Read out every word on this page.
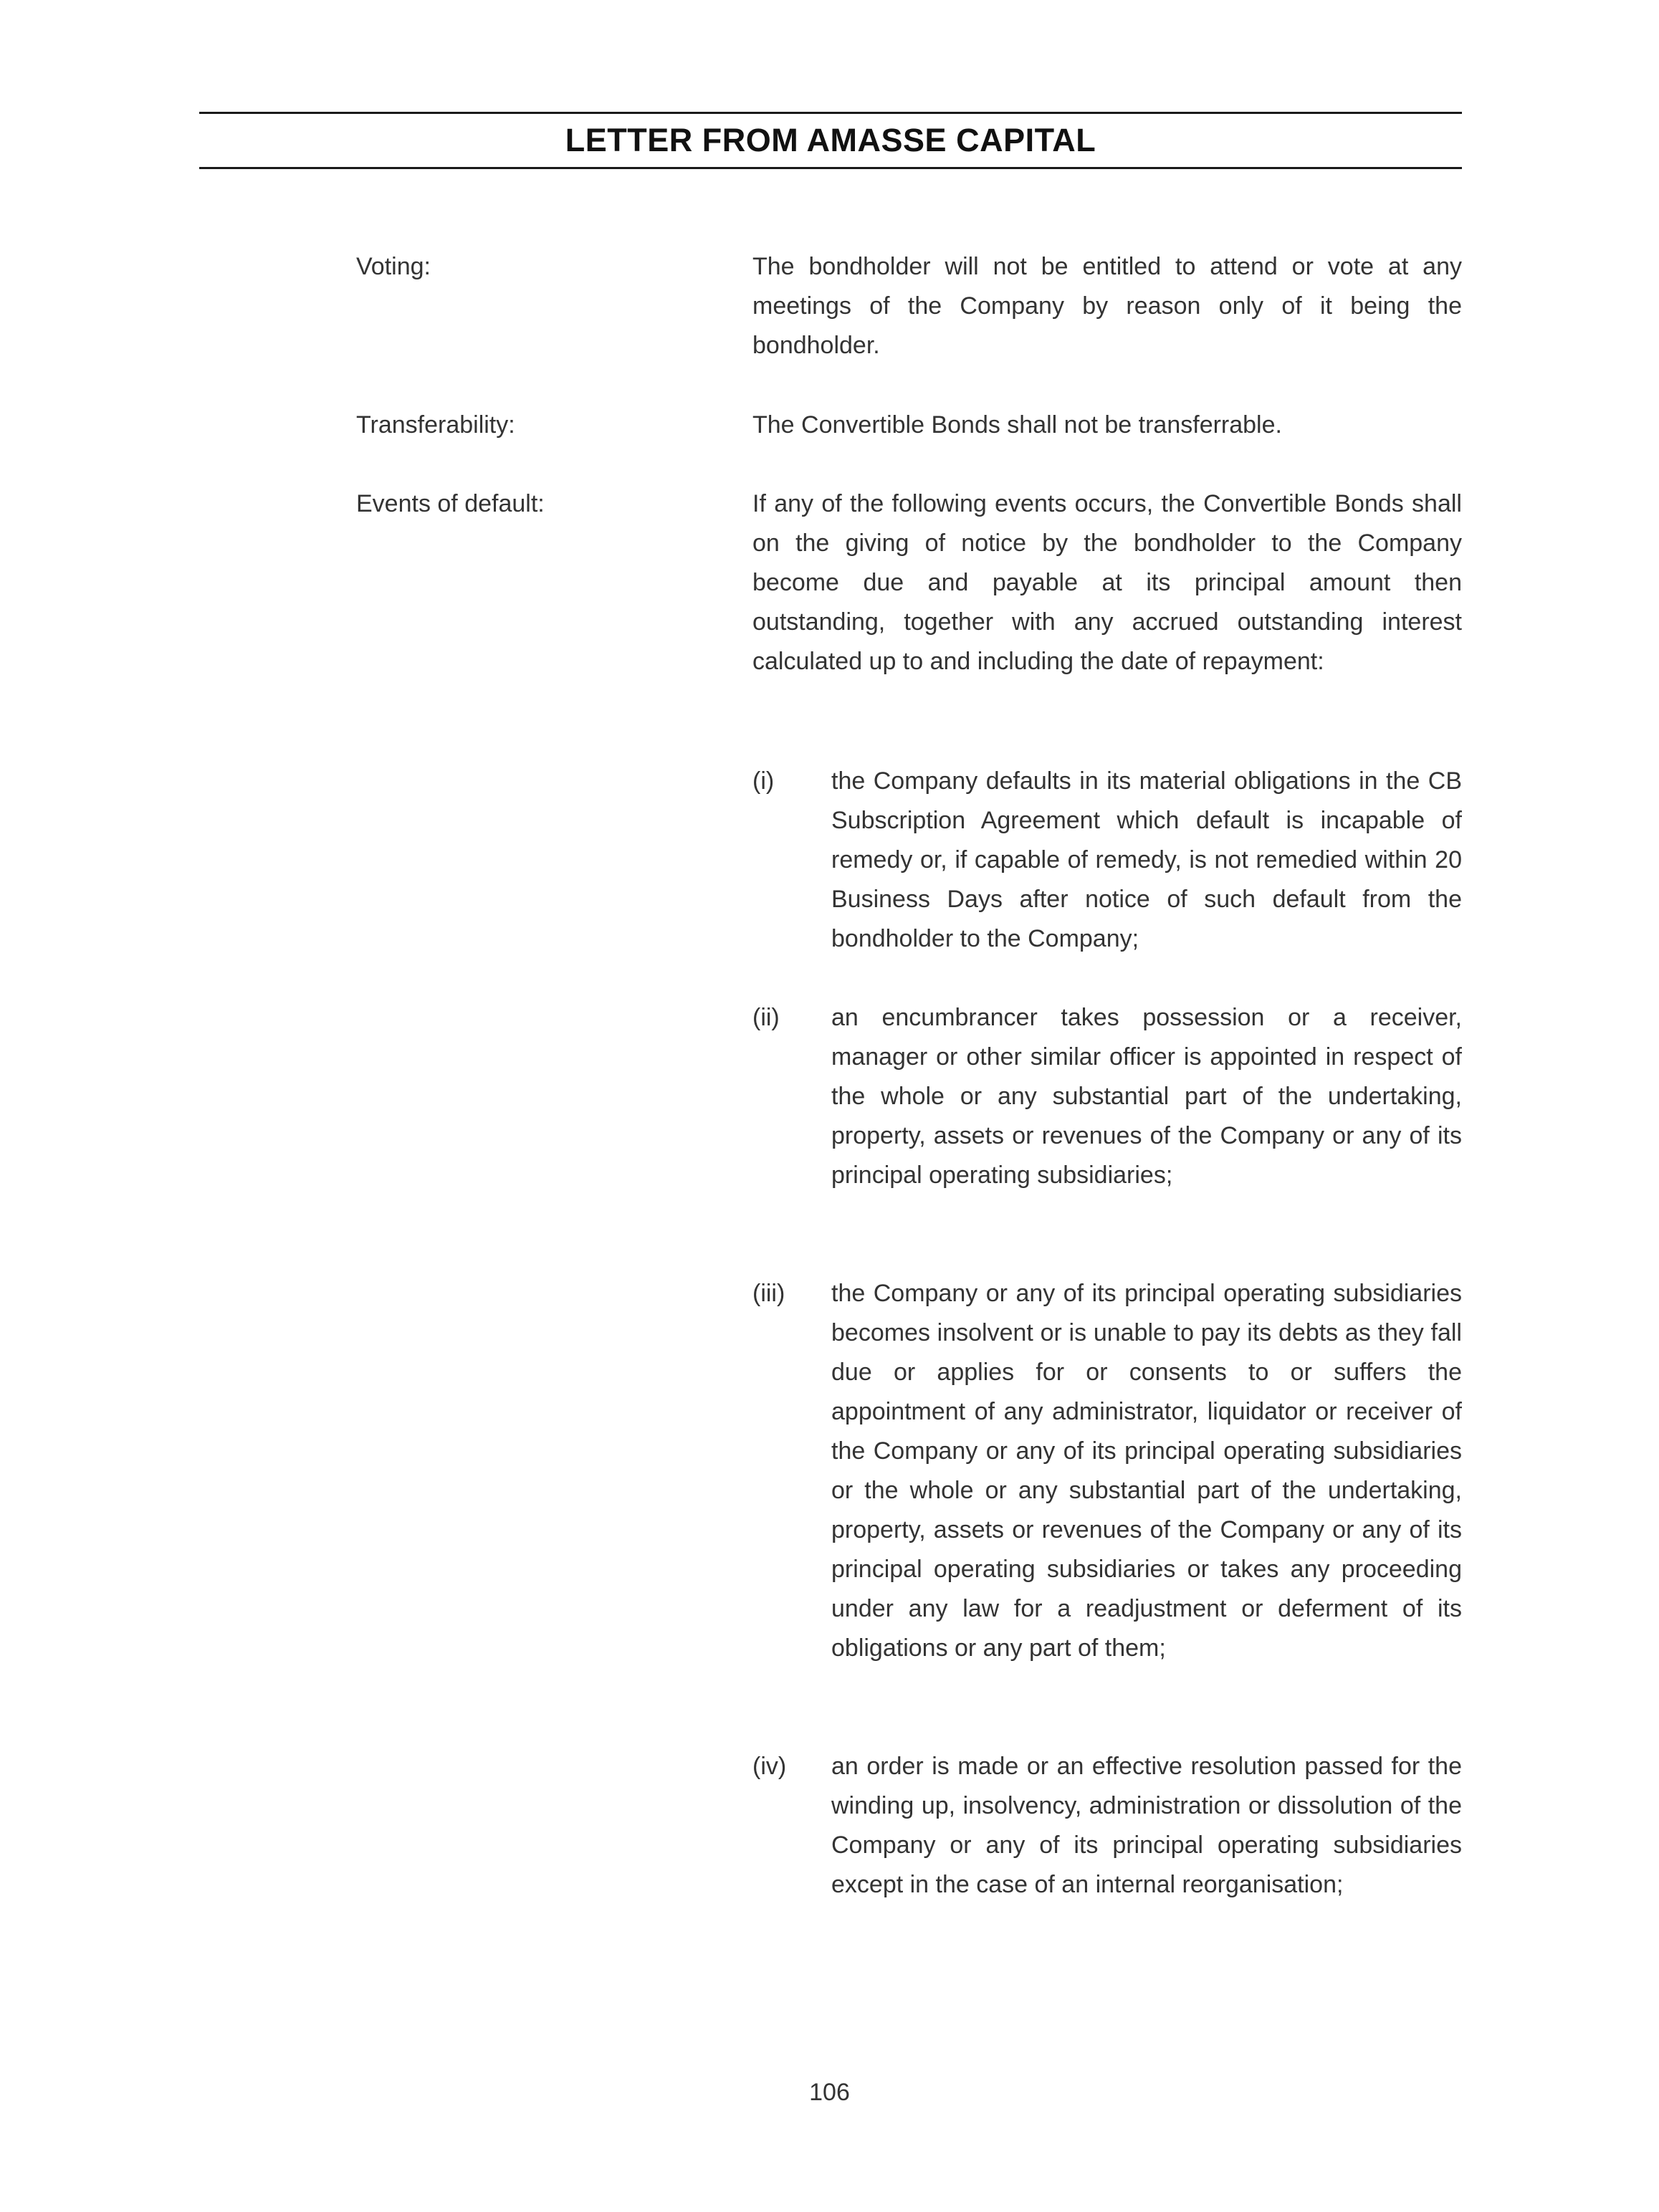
LETTER FROM AMASSE CAPITAL
Voting:	The bondholder will not be entitled to attend or vote at any meetings of the Company by reason only of it being the bondholder.
Transferability:	The Convertible Bonds shall not be transferrable.
Events of default:	If any of the following events occurs, the Convertible Bonds shall on the giving of notice by the bondholder to the Company become due and payable at its principal amount then outstanding, together with any accrued outstanding interest calculated up to and including the date of repayment:
(i) the Company defaults in its material obligations in the CB Subscription Agreement which default is incapable of remedy or, if capable of remedy, is not remedied within 20 Business Days after notice of such default from the bondholder to the Company;
(ii) an encumbrancer takes possession or a receiver, manager or other similar officer is appointed in respect of the whole or any substantial part of the undertaking, property, assets or revenues of the Company or any of its principal operating subsidiaries;
(iii) the Company or any of its principal operating subsidiaries becomes insolvent or is unable to pay its debts as they fall due or applies for or consents to or suffers the appointment of any administrator, liquidator or receiver of the Company or any of its principal operating subsidiaries or the whole or any substantial part of the undertaking, property, assets or revenues of the Company or any of its principal operating subsidiaries or takes any proceeding under any law for a readjustment or deferment of its obligations or any part of them;
(iv) an order is made or an effective resolution passed for the winding up, insolvency, administration or dissolution of the Company or any of its principal operating subsidiaries except in the case of an internal reorganisation;
106
